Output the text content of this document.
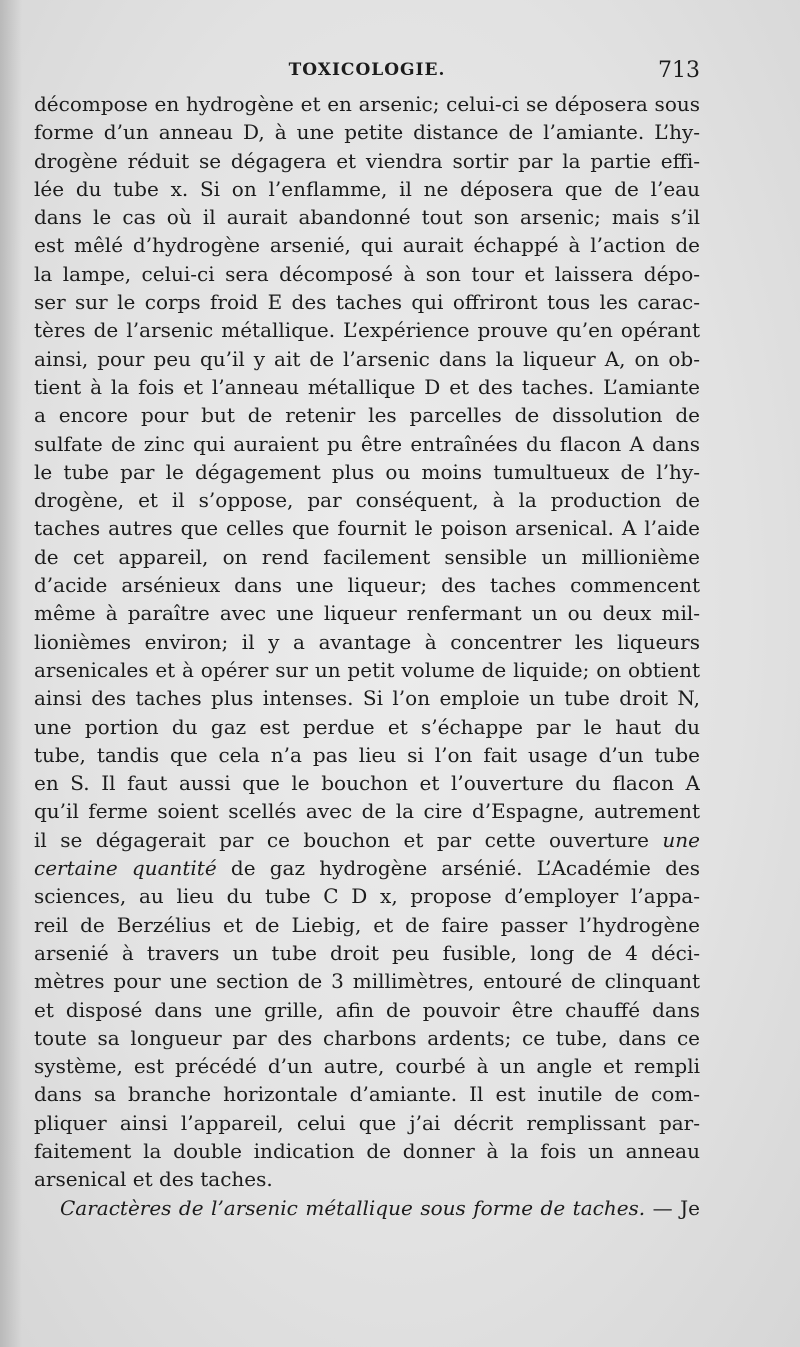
TOXICOLOGIE.	713
décompose en hydrogène et en arsenic; celui-ci se déposera sous
forme d’un anneau D, à une petite distance de l’amiante. L’hy-
drogène réduit se dégagera et viendra sortir par la partie effi-
lée du tube x. Si on l’enflamme, il ne déposera que de l’eau
dans le cas où il aurait abandonné tout son arsenic; mais s’il
est mêlé d’hydrogène arsenié, qui aurait échappé à l’action de
la lampe, celui-ci sera décomposé à son tour et laissera dépo-
ser sur le corps froid E des taches qui offriront tous les carac-
tères de l’arsenic métallique. L’expérience prouve qu’en opérant
ainsi, pour peu qu’il y ait de l’arsenic dans la liqueur A, on ob-
tient à la fois et l’anneau métallique D et des taches. L’amiante
a encore pour but de retenir les parcelles de dissolution de
sulfate de zinc qui auraient pu être entraînées du flacon A dans
le tube par le dégagement plus ou moins tumultueux de l’hy-
drogène, et il s’oppose, par conséquent, à la production de
taches autres que celles que fournit le poison arsenical. A l’aide
de cet appareil, on rend facilement sensible un millionième
d’acide arsénieux dans une liqueur; des taches commencent
même à paraître avec une liqueur renfermant un ou deux mil-
lionièmes environ; il y a avantage à concentrer les liqueurs
arsenicales et à opérer sur un petit volume de liquide; on obtient
ainsi des taches plus intenses. Si l’on emploie un tube droit N,
une portion du gaz est perdue et s’échappe par le haut du
tube, tandis que cela n’a pas lieu si l’on fait usage d’un tube
en S. Il faut aussi que le bouchon et l’ouverture du flacon A
qu’il ferme soient scellés avec de la cire d’Espagne, autrement
il se dégagerait par ce bouchon et par cette ouverture une
certaine quantité de gaz hydrogène arsénié. L’Académie des
sciences, au lieu du tube C D x, propose d’employer l’appa-
reil de Berzélius et de Liebig, et de faire passer l’hydrogène
arsenié à travers un tube droit peu fusible, long de 4 déci-
mètres pour une section de 3 millimètres, entouré de clinquant
et disposé dans une grille, afin de pouvoir être chauffé dans
toute sa longueur par des charbons ardents; ce tube, dans ce
système, est précédé d’un autre, courbé à un angle et rempli
dans sa branche horizontale d’amiante. Il est inutile de com-
pliquer ainsi l’appareil, celui que j’ai décrit remplissant par-
faitement la double indication de donner à la fois un anneau
arsenical et des taches.
Caractères de l’arsenic métallique sous forme de taches. — Je
